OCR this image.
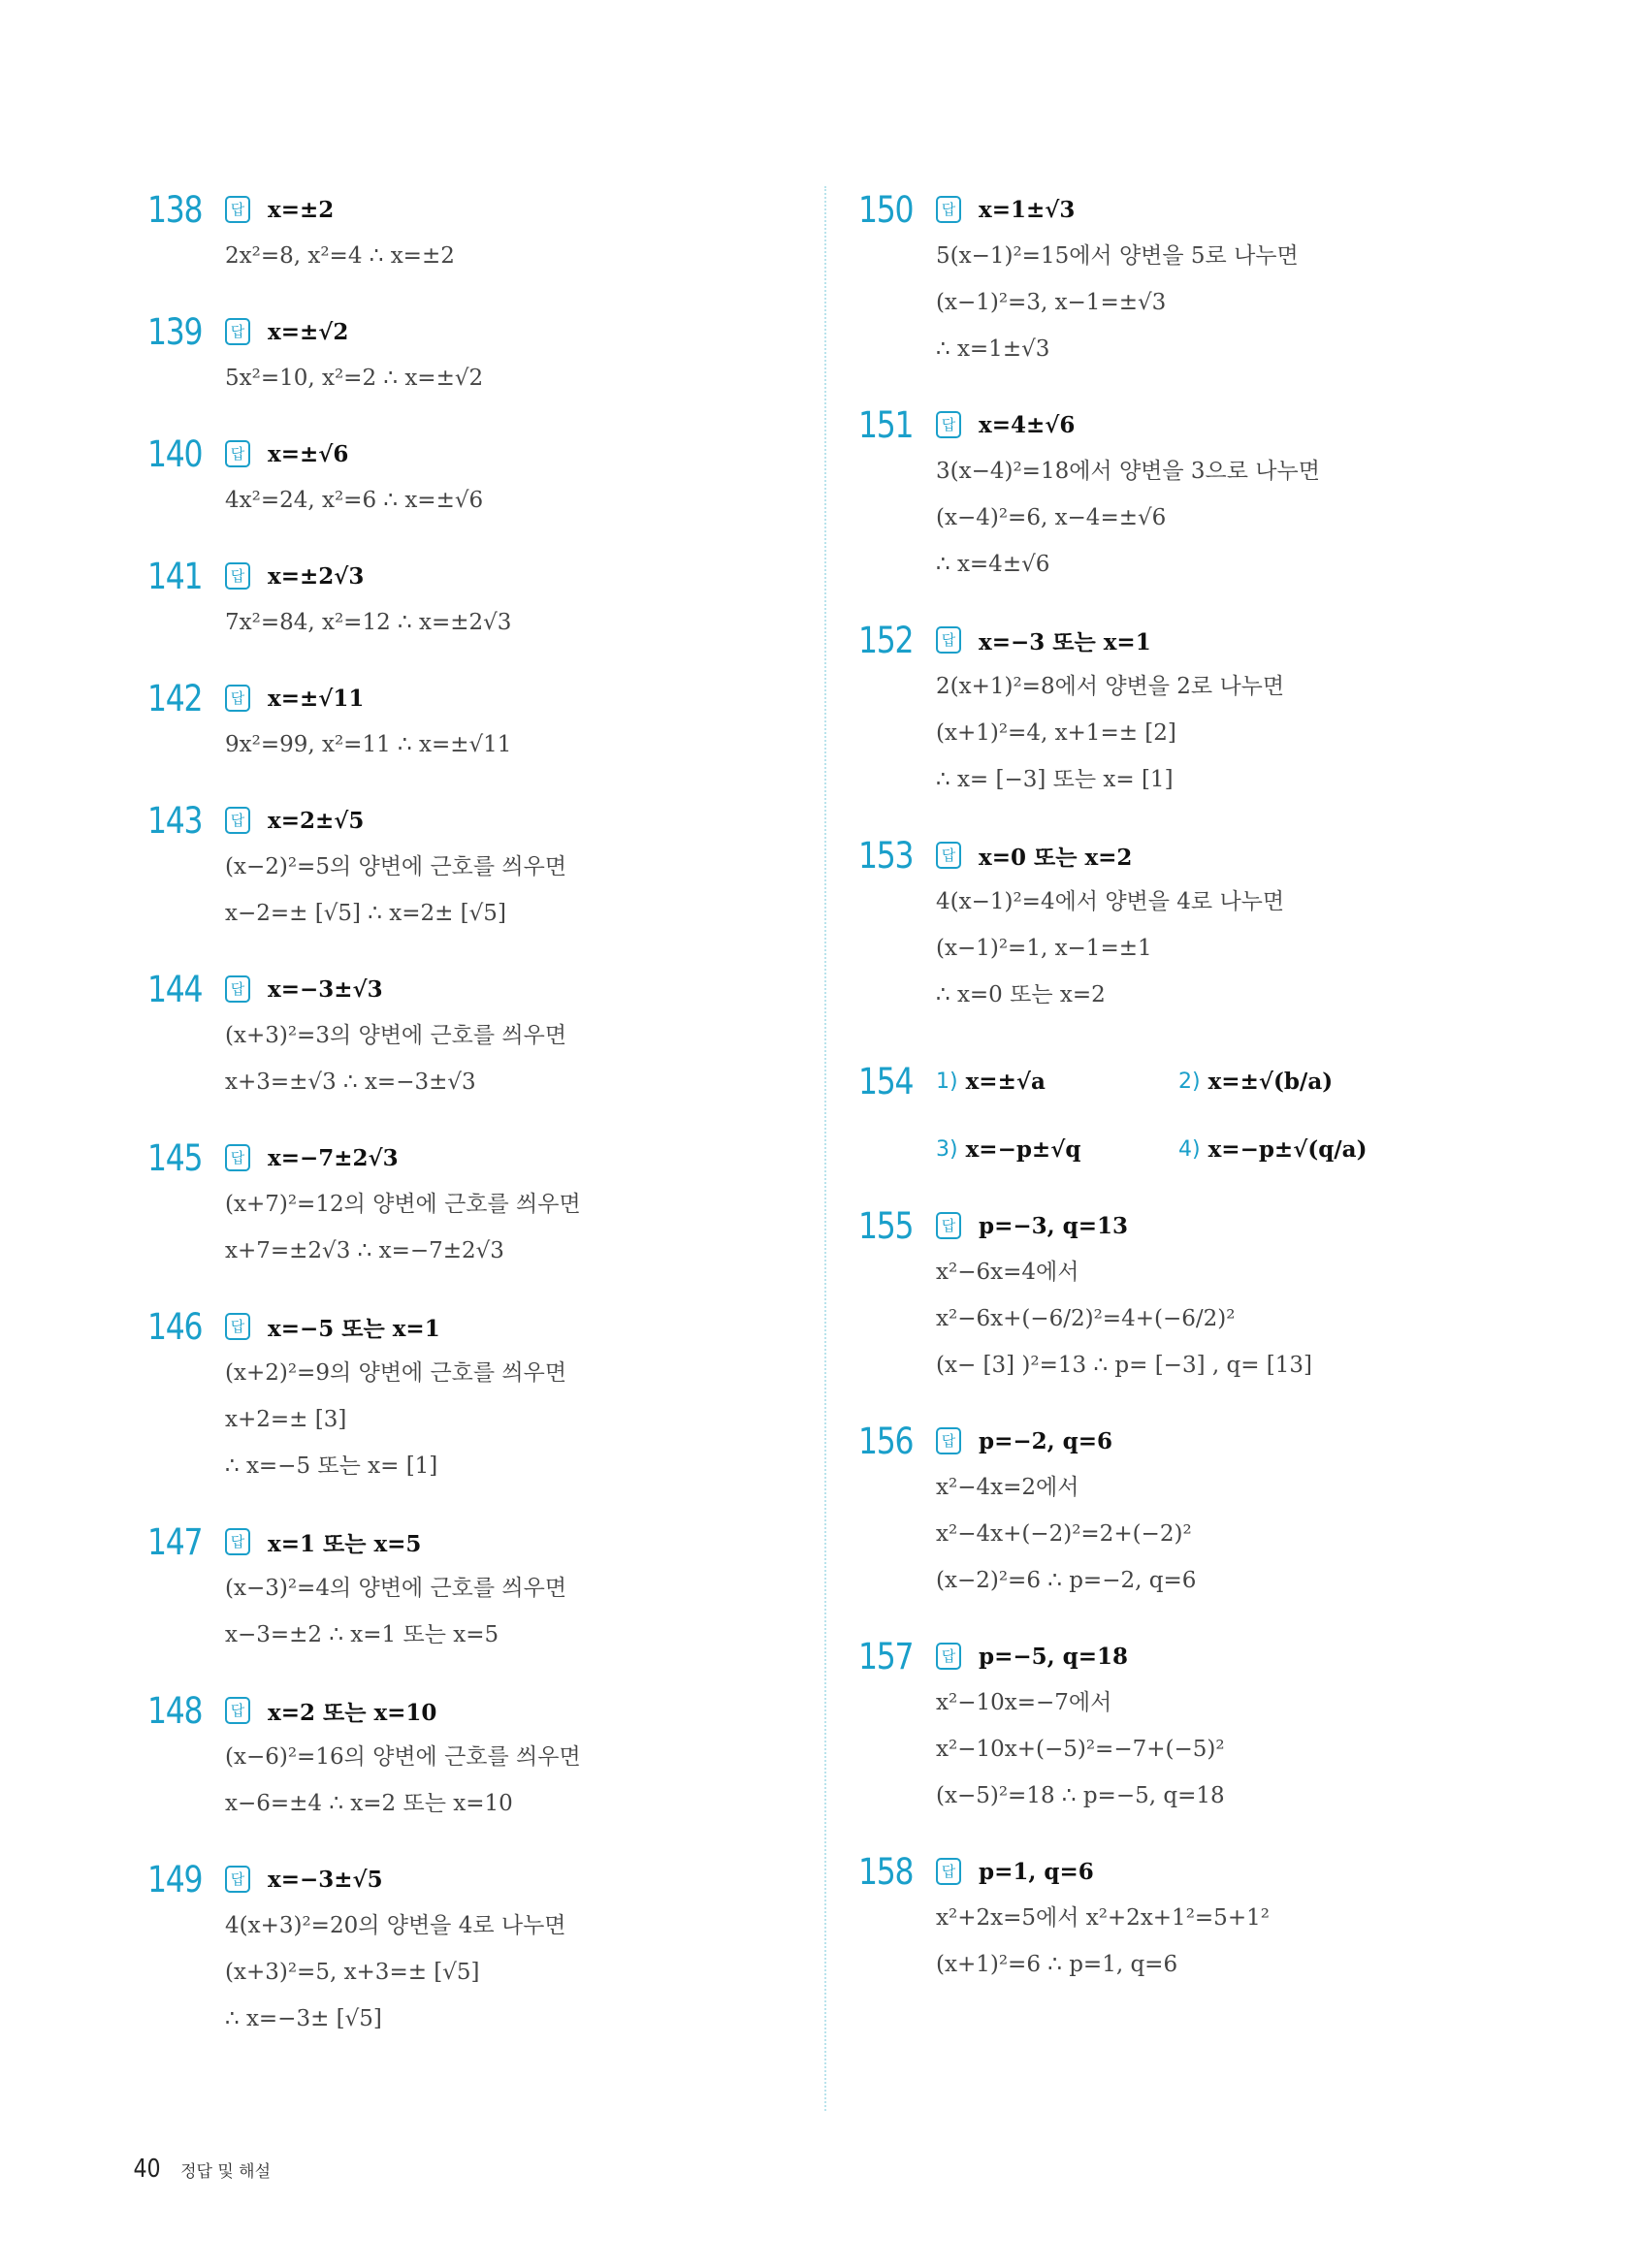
138	답 x=±2
2x²=8, x²=4 ∴ x=±2
139	답 x=±√2
5x²=10, x²=2 ∴ x=±√2
140	답 x=±√6
4x²=24, x²=6 ∴ x=±√6
141	답 x=±2√3
7x²=84, x²=12 ∴ x=±2√3
142	답 x=±√11
9x²=99, x²=11 ∴ x=±√11
143	답 x=2±√5
(x−2)²=5의 양변에 근호를 씌우면
x−2=± [√5] ∴ x=2± [√5]
144	답 x=−3±√3
(x+3)²=3의 양변에 근호를 씌우면
x+3=±√3 ∴ x=−3±√3
145	답 x=−7±2√3
(x+7)²=12의 양변에 근호를 씌우면
x+7=±2√3 ∴ x=−7±2√3
146	답 x=−5 또는 x=1
(x+2)²=9의 양변에 근호를 씌우면
x+2=± [3]
∴ x=−5 또는 x= [1]
147	답 x=1 또는 x=5
(x−3)²=4의 양변에 근호를 씌우면
x−3=±2 ∴ x=1 또는 x=5
148	답 x=2 또는 x=10
(x−6)²=16의 양변에 근호를 씌우면
x−6=±4 ∴ x=2 또는 x=10
149	답 x=−3±√5
4(x+3)²=20의 양변을 4로 나누면
(x+3)²=5, x+3=± [√5]
∴ x=−3± [√5]
150	답 x=1±√3
5(x−1)²=15에서 양변을 5로 나누면
(x−1)²=3, x−1=±√3
∴ x=1±√3
151	답 x=4±√6
3(x−4)²=18에서 양변을 3으로 나누면
(x−4)²=6, x−4=±√6
∴ x=4±√6
152	답 x=−3 또는 x=1
2(x+1)²=8에서 양변을 2로 나누면
(x+1)²=4, x+1=± [2]
∴ x= [−3] 또는 x= [1]
153	답 x=0 또는 x=2
4(x−1)²=4에서 양변을 4로 나누면
(x−1)²=1, x−1=±1
∴ x=0 또는 x=2
154	1) x=±√a	2) x=±√(b/a)
3) x=−p±√q	4) x=−p±√(q/a)
155	답 p=−3, q=13
x²−6x=4에서
x²−6x+(−6/2)²=4+(−6/2)²
(x− [3] )²=13 ∴ p= [−3] , q= [13]
156	답 p=−2, q=6
x²−4x=2에서
x²−4x+(−2)²=2+(−2)²
(x−2)²=6 ∴ p=−2, q=6
157	답 p=−5, q=18
x²−10x=−7에서
x²−10x+(−5)²=−7+(−5)²
(x−5)²=18 ∴ p=−5, q=18
158	답 p=1, q=6
x²+2x=5에서 x²+2x+1²=5+1²
(x+1)²=6 ∴ p=1, q=6
40 정답 및 해설
